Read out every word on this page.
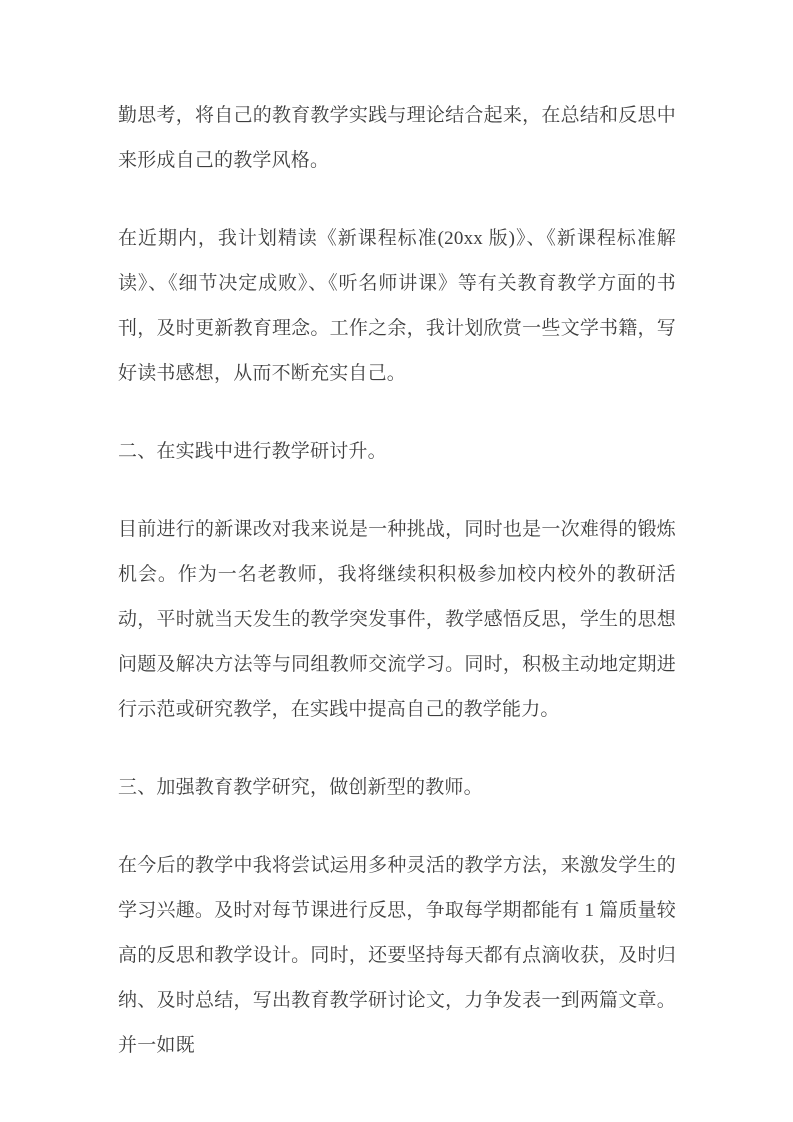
勤思考，将自己的教育教学实践与理论结合起来，在总结和反思中来形成自己的教学风格。

在近期内，我计划精读《新课程标准(20xx 版)》、《新课程标准解读》、《细节决定成败》、《听名师讲课》等有关教育教学方面的书刊，及时更新教育理念。工作之余，我计划欣赏一些文学书籍，写好读书感想，从而不断充实自己。

二、在实践中进行教学研讨升。

目前进行的新课改对我来说是一种挑战，同时也是一次难得的锻炼机会。作为一名老教师，我将继续积积极参加校内校外的教研活动，平时就当天发生的教学突发事件，教学感悟反思，学生的思想问题及解决方法等与同组教师交流学习。同时，积极主动地定期进行示范或研究教学，在实践中提高自己的教学能力。

三、加强教育教学研究，做创新型的教师。

在今后的教学中我将尝试运用多种灵活的教学方法，来激发学生的学习兴趣。及时对每节课进行反思，争取每学期都能有 1 篇质量较高的反思和教学设计。同时，还要坚持每天都有点滴收获，及时归纳、及时总结，写出教育教学研讨论文，力争发表一到两篇文章。并一如既
